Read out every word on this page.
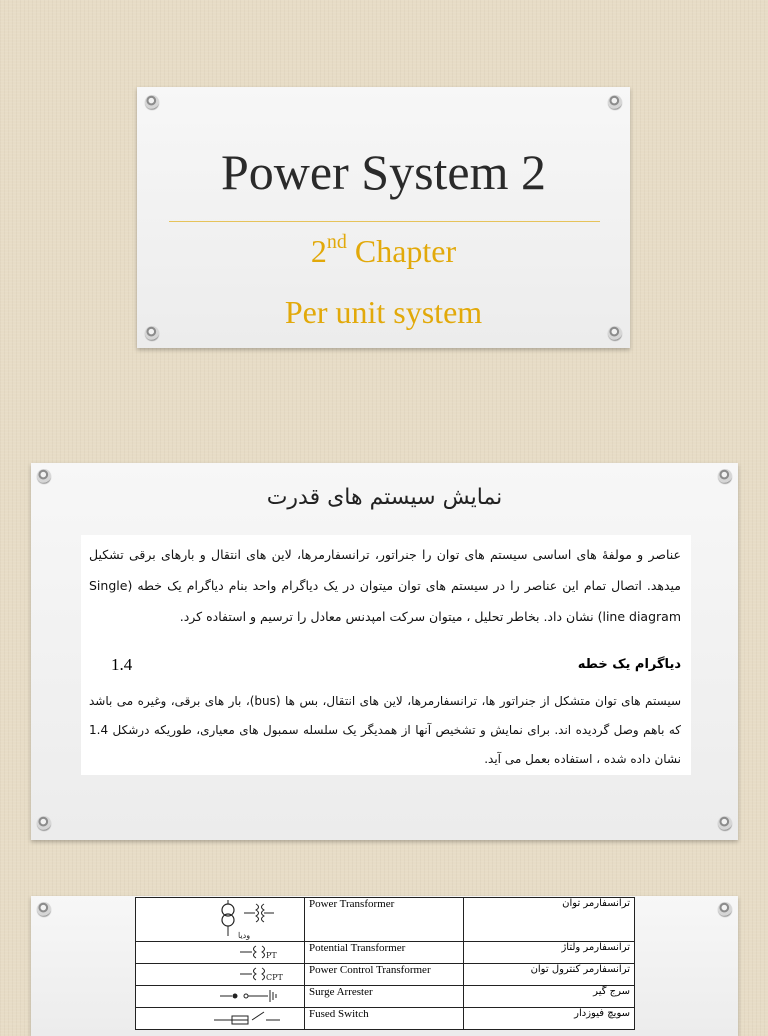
Power System 2
2nd Chapter
Per unit system
نمایش سیستم های قدرت
عناصر و مولفهٔ های اساسی سیستم های توان را جنراتور، ترانسفارمرها، لاین های انتقال و بارهای برقی تشکیل میدهد. اتصال تمام این عناصر را در سیستم های توان میتوان در یک دیاگرام واحد بنام دیاگرام یک خطه (Single line diagram) نشان داد. بخاطر تحلیل ، میتوان سرکت امپدنس معادل را ترسیم و استفاده کرد.
دیاگرام یک خطه
1.4
سیستم های توان متشکل از جنراتور ها، ترانسفارمرها، لاین های انتقال، بس ها (bus)، بار های برقی، وغیره می باشد که باهم وصل گردیده اند. برای نمایش و تشخیص آنها از همدیگر یک سلسله سمبول های معیاری، طوریکه درشکل 1.4 نشان داده شده ، استفاده بعمل می آید.
ودیا	Power Transformer	ترانسفارمر توان

PT	Potential Transformer	ترانسفارمر ولتاژ

CPT	Power Control Transformer	ترانسفارمر کنترول توان

	Surge Arrester	سرج گیر

	Fused Switch	سویچ فیوزدار
